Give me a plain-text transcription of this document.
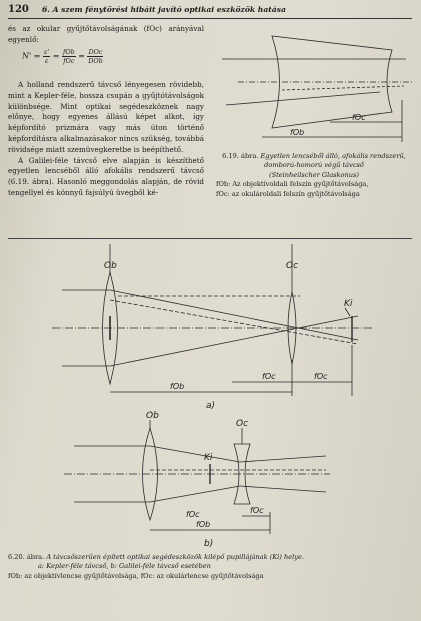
120 6. A szem fénytörési hibáit javító optikai eszközök hatása

és az okular gyűjtőtávolságának (fOc) arányával egyenlő:

$N' = \frac{\varepsilon'}{\varepsilon} = \frac{\text{fOb}}{\text{fOc}} = \frac{\text{DOc}}{\text{DOb}}$

A holland rendszerű távcső lényegesen rövidebb, mint a Kepler-féle, hossza csupán a gyűjtótávolságok különbsége. Mint optikai segédeszköznek nagy előnye, hogy egyenes állású képet alkot, így képfordító prizmára vagy más úton történő képfordításra alkalmazásakor nincs szükség, továbbá rövidsége miatt szemüvegkeretbe is beépíthető.

A Galilei-féle távcső elve alapján is készíthető egyetlen lencséből álló afokális rendszerű távcső (6.19. ábra). Hasonló meggondolás alapján, de rövid tengellyel és könnyű fajsúlyú üvegből ké-

6.19. ábra. Egyetlen lencséből álló, afokális rendszerű, domború-homorú végű távcső
(Steinheilscher Glaskonus)
fOb: Az objektívoldali felszín gyűjtőtávolsága,
fOc: az okulároldali felszín gyűjtőtávolsága
6.20. ábra. A távcsőszerűen épített optikai segédeszközök kilépő pupillájának (Ki) helye.
a: Kepler-féle távcső, b: Galilei-féle távcső esetében
fOb: az objektívlencse gyűjtőtávolsága, fOc: az okulárlencse gyűjtőtávolsága
fOc
fOb
Ob	Oc
Ki
fOb
fOc	fOc
a)
Ob
Oc
Ki
fOc
fOb
fOc
b)
